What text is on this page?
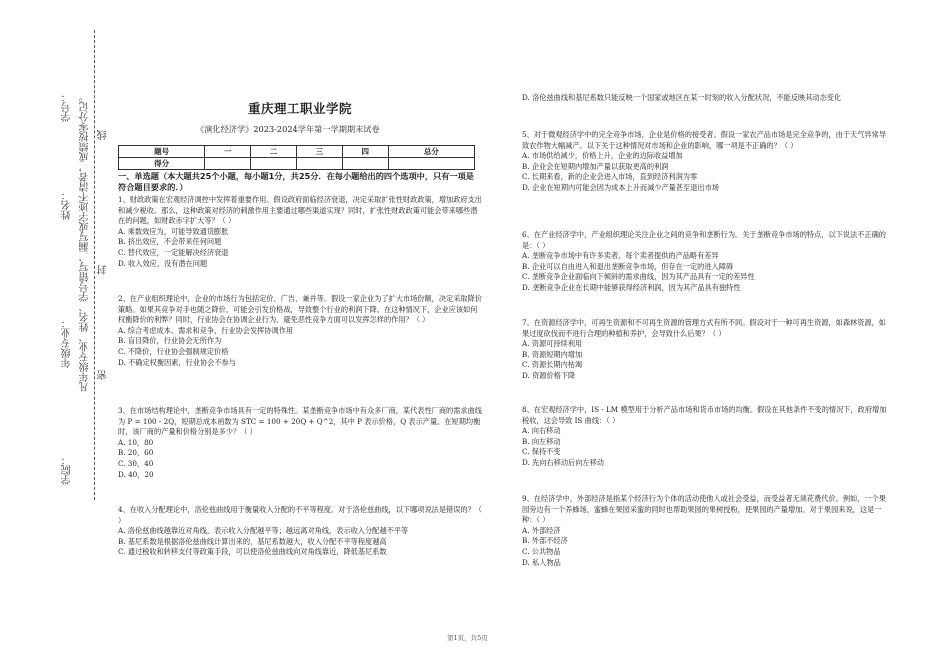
学号：
姓名：
年级专业：
学院：
凡年级专业、姓名、学号错写、漏写或字迹不清者，成绩按零分记。 密
封
线
重庆理工职业学院
《演化经济学》2023-2024学年第一学期期末试卷
题号	一	二	三	四	总分
得分					
一、单选题（本大题共25个小题，每小题1分，共25分．在每小题给出的四个选项中，只有一项是符合题目要求的．）

1、财政政策在宏观经济调控中发挥着重要作用。假设政府面临经济衰退，决定采取扩张性财政政策，增加政府支出和减少税收。那么，这种政策对经济的刺激作用主要通过哪些渠道实现？同时，扩张性财政政策可能会带来哪些潜在的问题，如财政赤字扩大等？（ ）

A. 乘数效应为，可能导致通货膨胀

B. 挤出效应，不会带来任何问题

C. 替代效应，一定能解决经济衰退

D. 收入效应，没有潜在问题

2、在产业组织理论中，企业的市场行为包括定价、广告、兼并等。假设一家企业为了扩大市场份额，决定采取降价策略。如果其竞争对手也随之降价，可能会引发价格战，导致整个行业的利润下降。在这种情况下，企业应该如何权衡降价的利弊？同时，行业协会在协调企业行为、避免恶性竞争方面可以发挥怎样的作用？（ ）

A. 综合考虑成本、需求和竞争，行业协会发挥协调作用

B. 盲目降价，行业协会无所作为

C. 不降价，行业协会强制规定价格

D. 不确定权衡因素，行业协会不参与

3、在市场结构理论中，垄断竞争市场具有一定的特殊性。某垄断竞争市场中有众多厂商，某代表性厂商的需求曲线为 P = 100 - 2Q，短期总成本函数为 STC = 100 + 20Q + Q^2，其中 P 表示价格，Q 表示产量。在短期均衡时，该厂商的产量和价格分别是多少？（ ）

A. 10，80

B. 20，60

C. 30，40

D. 40，20

4、在收入分配理论中，洛伦兹曲线用于衡量收入分配的不平等程度。对于洛伦兹曲线，以下哪项说法是错误的？（ ）

A. 洛伦兹曲线越靠近对角线，表示收入分配越平等；越远离对角线，表示收入分配越不平等

B. 基尼系数是根据洛伦兹曲线计算出来的，基尼系数越大，收入分配不平等程度越高

C. 通过税收和转移支付等政策手段，可以使洛伦兹曲线向对角线靠近，降低基尼系数

D. 洛伦兹曲线和基尼系数只能反映一个国家或地区在某一时刻的收入分配状况，不能反映其动态变化

5、对于微观经济学中的完全竞争市场，企业是价格的接受者。假设一家农产品市场是完全竞争的，由于天气异常导致农作物大幅减产。以下关于这种情况对市场和企业的影响，哪一项是不正确的？（ ）

A. 市场供给减少，价格上升，企业的边际收益增加

B. 企业会在短期内增加产量以获取更高的利润

C. 长期来看，新的企业会进入市场，直到经济利润为零

D. 企业在短期内可能会因为成本上升而减少产量甚至退出市场

6、在产业经济学中，产业组织理论关注企业之间的竞争和垄断行为。关于垄断竞争市场的特点，以下说法不正确的是：（ ）

A. 垄断竞争市场中有许多卖者，每个卖者提供的产品略有差异

B. 企业可以自由进入和退出垄断竞争市场，但存在一定的进入障碍

C. 垄断竞争企业面临向下倾斜的需求曲线，因为其产品具有一定的差异性

D. 垄断竞争企业在长期中能够获得经济利润，因为其产品具有独特性

7、在资源经济学中，可再生资源和不可再生资源的管理方式有所不同。假设对于一种可再生资源，如森林资源，如果过度砍伐而不进行合理的种植和养护，会导致什么后果？（ ）

A. 资源可持续利用

B. 资源短期内增加

C. 资源长期内枯竭

D. 资源价格下降

8、在宏观经济学中，IS - LM 模型用于分析产品市场和货币市场的均衡。假设在其他条件不变的情况下，政府增加税收，这会导致 IS 曲线：（ ）

A. 向右移动

B. 向左移动

C. 保持不变

D. 先向右移动后向左移动

9、在经济学中，外部经济是指某个经济行为个体的活动使他人或社会受益，而受益者无须花费代价。例如，一个果园旁边有一个养蜂场，蜜蜂在果园采蜜的同时也帮助果园的果树授粉，使果园的产量增加。对于果园来说，这是一种：（ ）

A. 外部经济

B. 外部不经济

C. 公共物品

D. 私人物品

第1页，共5页
